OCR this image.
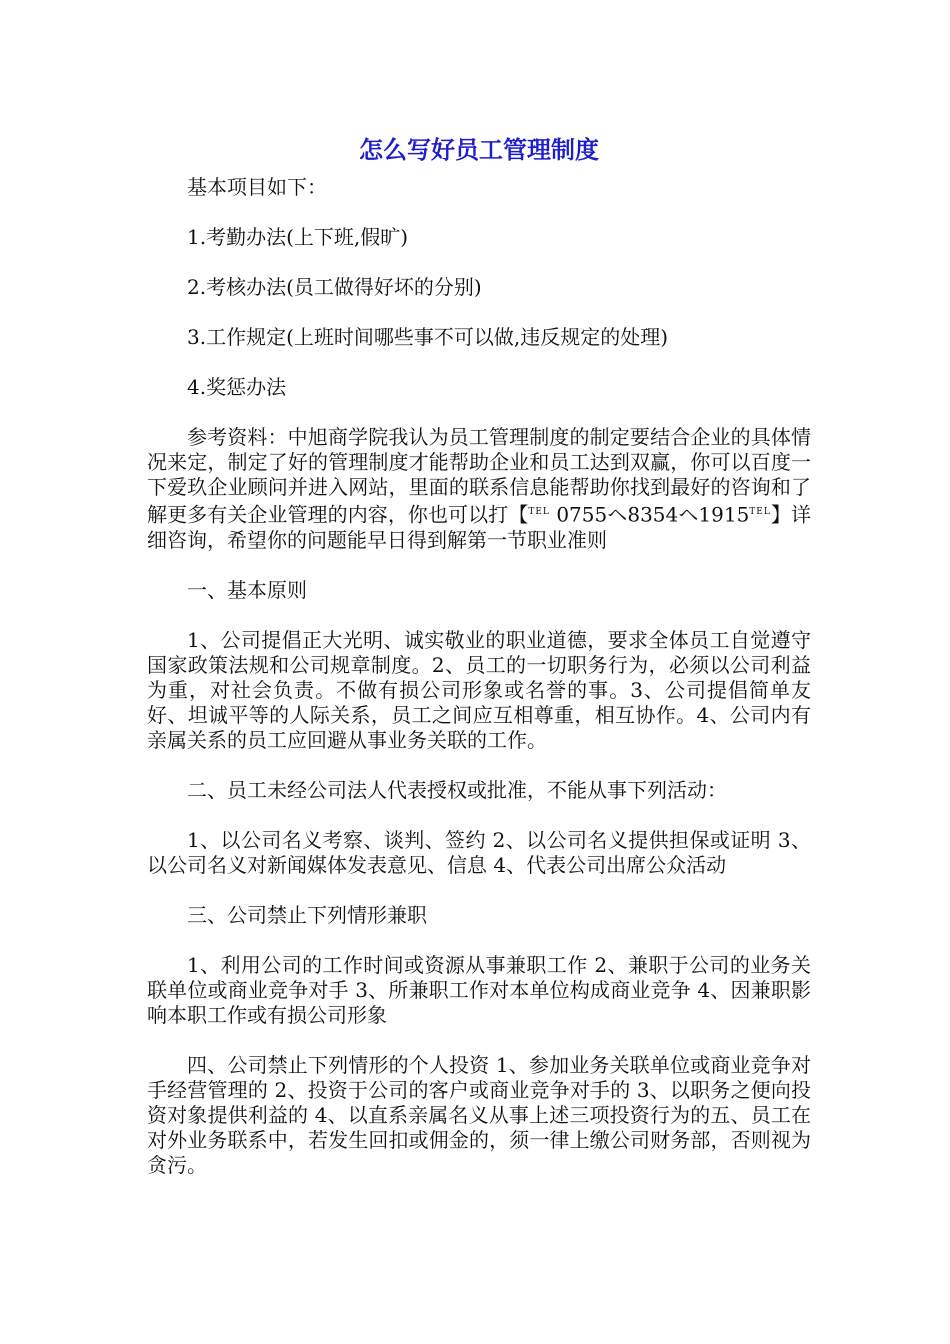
怎么写好员工管理制度

基本项目如下：

1.考勤办法(上下班,假旷)

2.考核办法(员工做得好坏的分别)

3.工作规定(上班时间哪些事不可以做,违反规定的处理)

4.奖惩办法

参考资料：中旭商学院我认为员工管理制度的制定要结合企业的具体情况来定，制定了好的管理制度才能帮助企业和员工达到双赢，你可以百度一下爱玖企业顾问并进入网站，里面的联系信息能帮助你找到最好的咨询和了解更多有关企业管理的内容，你也可以打【$^{TEL}$ 0755ヘ8354ヘ$1915^{TEL}$】详细咨询，希望你的问题能早日得到解第一节职业准则

一、基本原则

1、公司提倡正大光明、诚实敬业的职业道德，要求全体员工自觉遵守国家政策法规和公司规章制度。2、员工的一切职务行为，必须以公司利益为重，对社会负责。不做有损公司形象或名誉的事。3、公司提倡简单友好、坦诚平等的人际关系，员工之间应互相尊重，相互协作。4、公司内有亲属关系的员工应回避从事业务关联的工作。

二、员工未经公司法人代表授权或批准，不能从事下列活动：

1、以公司名义考察、谈判、签约 2、以公司名义提供担保或证明 3、以公司名义对新闻媒体发表意见、信息 4、代表公司出席公众活动

三、公司禁止下列情形兼职

1、利用公司的工作时间或资源从事兼职工作 2、兼职于公司的业务关联单位或商业竞争对手 3、所兼职工作对本单位构成商业竞争 4、因兼职影响本职工作或有损公司形象

四、公司禁止下列情形的个人投资 1、参加业务关联单位或商业竞争对手经营管理的 2、投资于公司的客户或商业竞争对手的 3、以职务之便向投资对象提供利益的 4、以直系亲属名义从事上述三项投资行为的五、员工在对外业务联系中，若发生回扣或佣金的，须一律上缴公司财务部，否则视为贪污。
